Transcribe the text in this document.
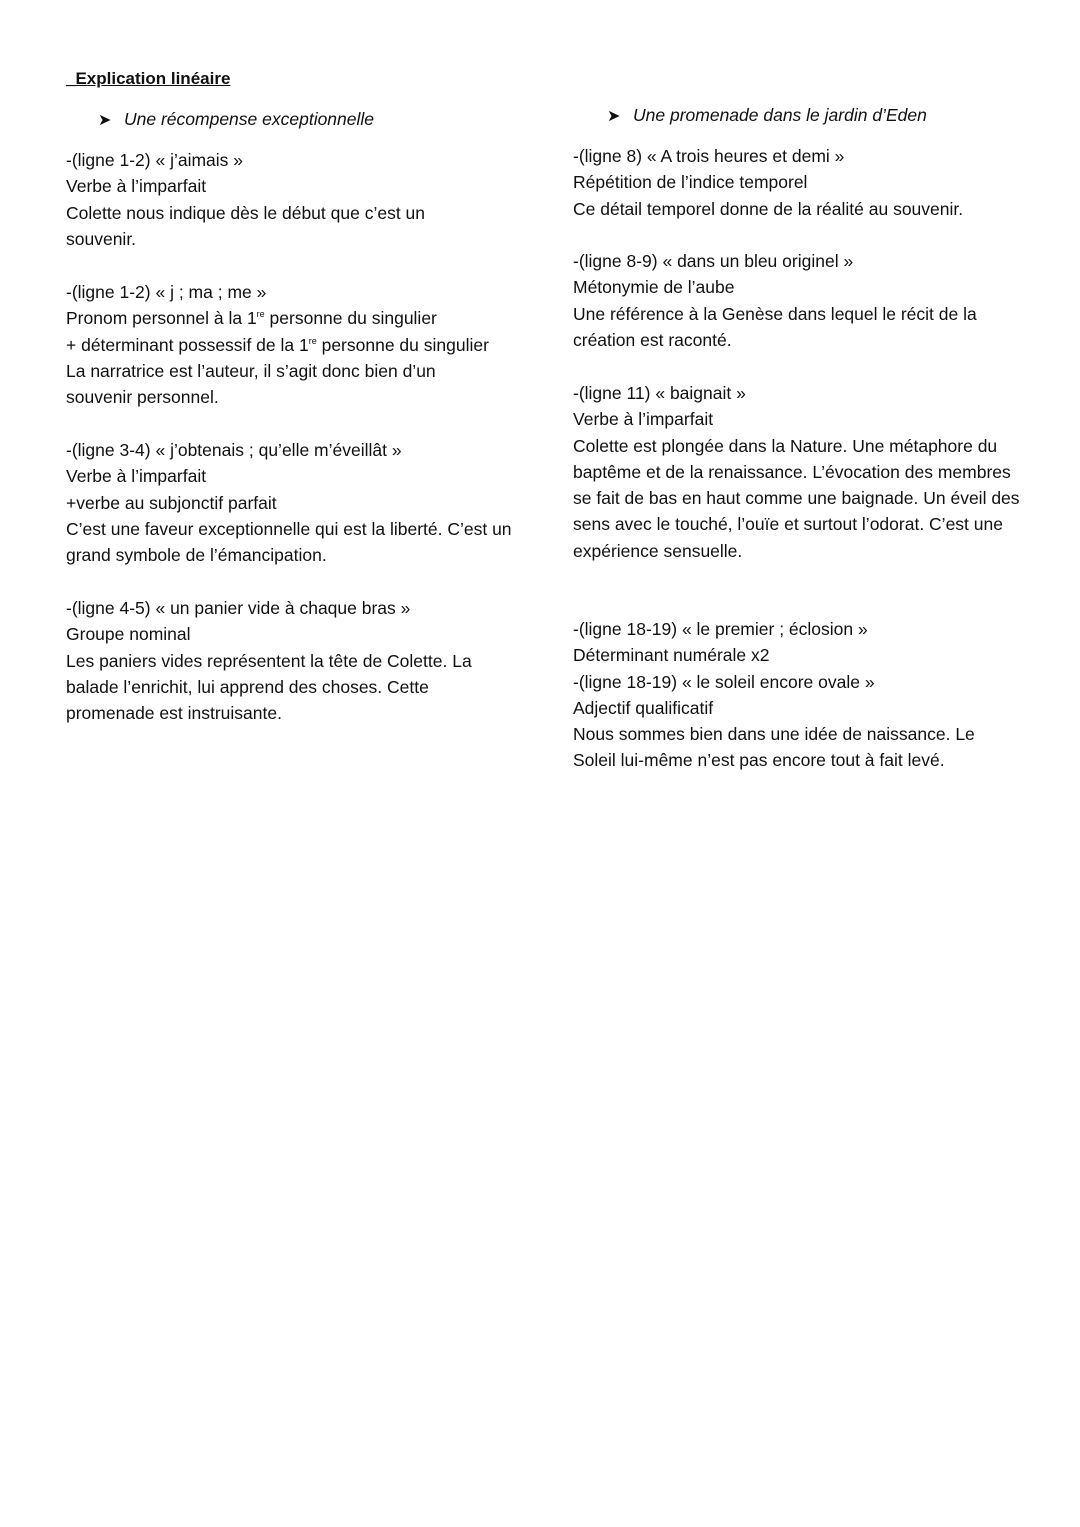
_Explication linéaire
➤ Une récompense exceptionnelle
-(ligne 1-2) « j’aimais »
Verbe à l’imparfait
Colette nous indique dès le début que c’est un souvenir.
-(ligne 1-2) « j ; ma ; me »
Pronom personnel à la 1re personne du singulier
+ déterminant possessif de la 1re personne du singulier
La narratrice est l’auteur, il s’agit donc bien d’un souvenir personnel.
-(ligne 3-4) « j’obtenais ; qu’elle m’éveillât »
Verbe à l’imparfait
+verbe au subjonctif parfait
C’est une faveur exceptionnelle qui est la liberté. C’est un grand symbole de l’émancipation.
-(ligne 4-5) « un panier vide à chaque bras »
Groupe nominal
Les paniers vides représentent la tête de Colette. La balade l’enrichit, lui apprend des choses. Cette promenade est instruisante.
➤ Une promenade dans le jardin d’Eden
-(ligne 8) « A trois heures et demi »
Répétition de l’indice temporel
Ce détail temporel donne de la réalité au souvenir.
-(ligne 8-9) « dans un bleu originel »
Métonymie de l’aube
Une référence à la Genèse dans lequel le récit de la création est raconté.
-(ligne 11) « baignait »
Verbe à l’imparfait
Colette est plongée dans la Nature. Une métaphore du baptême et de la renaissance. L’évocation des membres se fait de bas en haut comme une baignade. Un éveil des sens avec le touché, l’ouïe et surtout l’odorat. C’est une expérience sensuelle.
-(ligne 18-19) « le premier ; éclosion »
Déterminant numérale x2
-(ligne 18-19) « le soleil encore ovale »
Adjectif qualificatif
Nous sommes bien dans une idée de naissance. Le Soleil lui-même n’est pas encore tout à fait levé.
